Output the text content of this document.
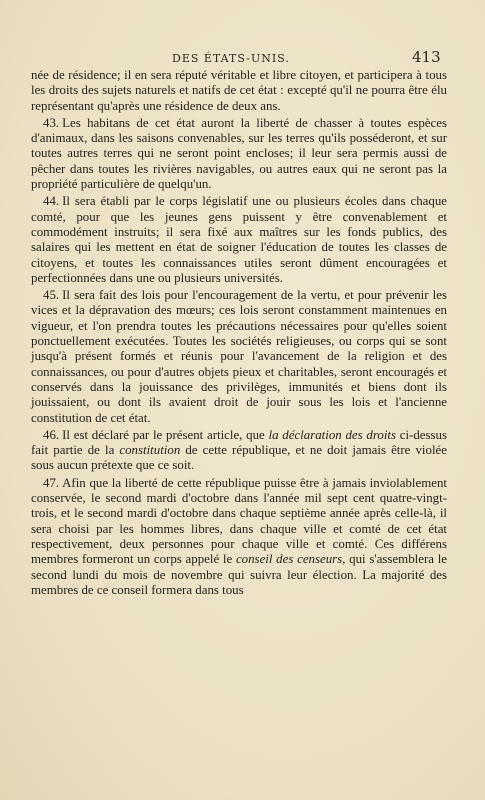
DES ÉTATS-UNIS.	413

née de résidence; il en sera réputé véritable et libre citoyen, et participera à tous les droits des sujets naturels et natifs de cet état : excepté qu'il ne pourra être élu représentant qu'après une résidence de deux ans.

43. Les habitans de cet état auront la liberté de chasser à toutes espèces d'animaux, dans les saisons convenables, sur les terres qu'ils posséderont, et sur toutes autres terres qui ne seront point encloses; il leur sera permis aussi de pêcher dans toutes les rivières navigables, ou autres eaux qui ne seront pas la propriété particulière de quelqu'un.

44. Il sera établi par le corps législatif une ou plusieurs écoles dans chaque comté, pour que les jeunes gens puissent y être convenablement et commodément instruits; il sera fixé aux maîtres sur les fonds publics, des salaires qui les mettent en état de soigner l'éducation de toutes les classes de citoyens, et toutes les connaissances utiles seront dûment encouragées et perfectionnées dans une ou plusieurs universités.

45. Il sera fait des lois pour l'encouragement de la vertu, et pour prévenir les vices et la dépravation des mœurs; ces lois seront constamment maintenues en vigueur, et l'on prendra toutes les précautions nécessaires pour qu'elles soient ponctuellement exécutées. Toutes les sociétés religieuses, ou corps qui se sont jusqu'à présent formés et réunis pour l'avancement de la religion et des connaissances, ou pour d'autres objets pieux et charitables, seront encouragés et conservés dans la jouissance des privilèges, immunités et biens dont ils jouissaient, ou dont ils avaient droit de jouir sous les lois et l'ancienne constitution de cet état.

46. Il est déclaré par le présent article, que la déclaration des droits ci-dessus fait partie de la constitution de cette république, et ne doit jamais être violée sous aucun prétexte que ce soit.

47. Afin que la liberté de cette république puisse être à jamais inviolablement conservée, le second mardi d'octobre dans l'année mil sept cent quatre-vingt-trois, et le second mardi d'octobre dans chaque septième année après celle-là, il sera choisi par les hommes libres, dans chaque ville et comté de cet état respectivement, deux personnes pour chaque ville et comté. Ces différens membres formeront un corps appelé le conseil des censeurs, qui s'assemblera le second lundi du mois de novembre qui suivra leur élection. La majorité des membres de ce conseil formera dans tous
